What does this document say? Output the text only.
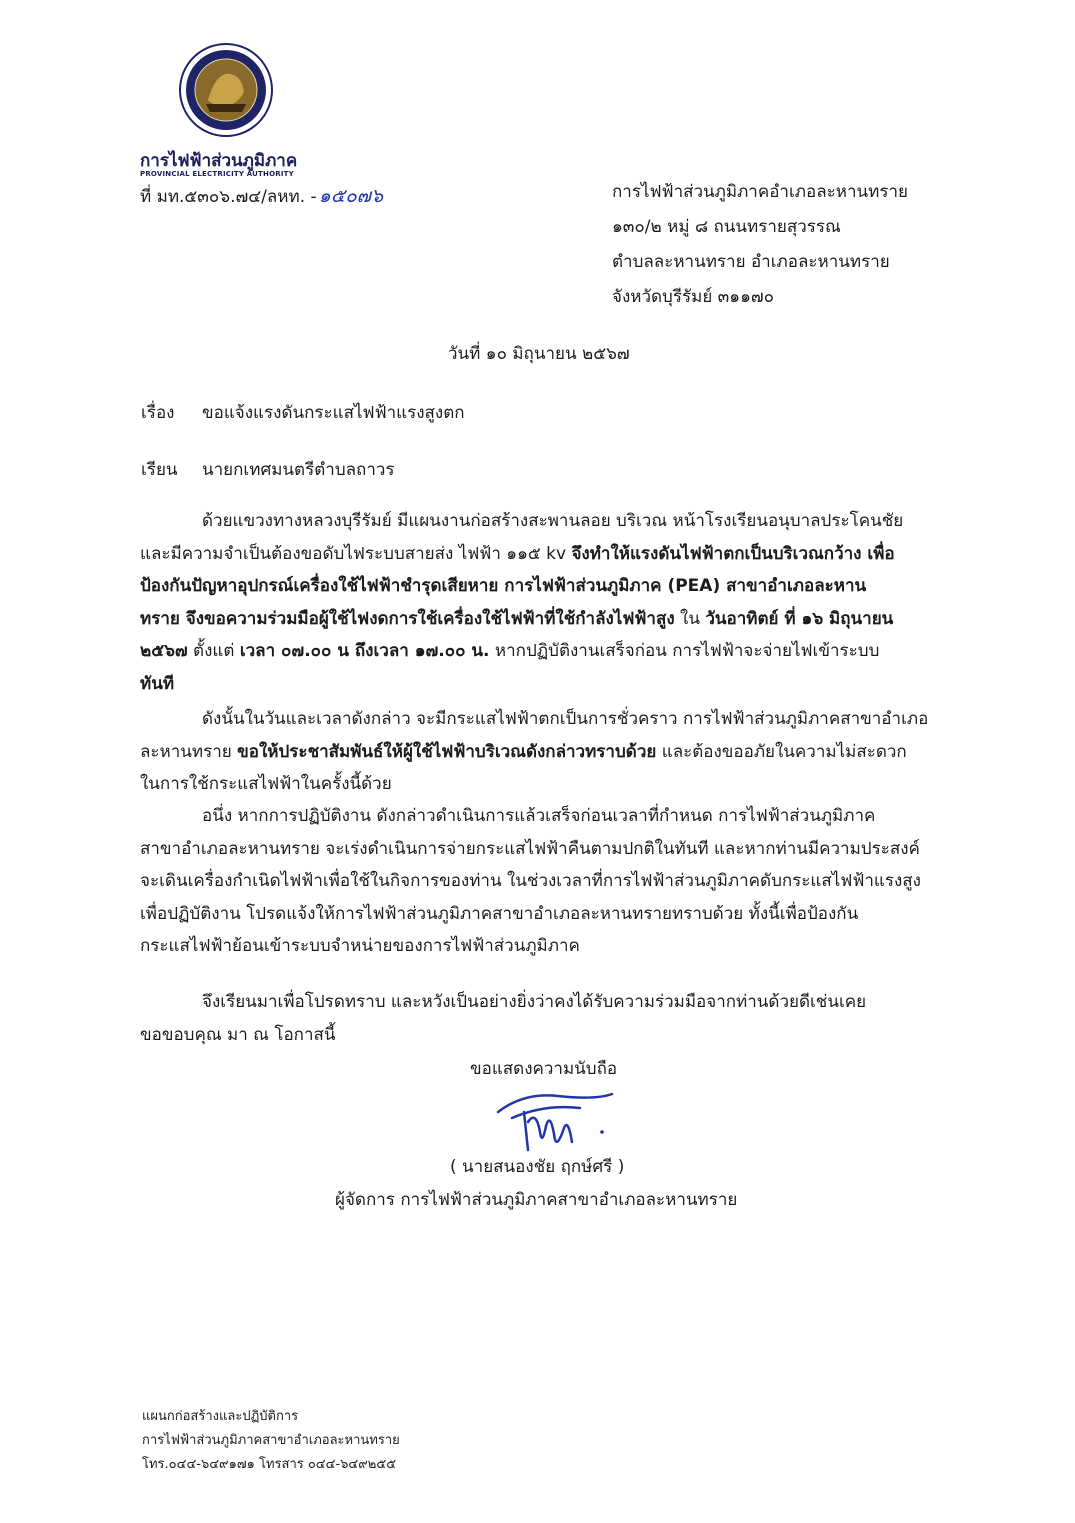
การไฟฟ้าส่วนภูมิภาค
PROVINCIAL ELECTRICITY AUTHORITY
ที่ มท.๕๓๐๖.๗๔/ลหท. - ๑๕๐๗๖	การไฟฟ้าส่วนภูมิภาคอำเภอละหานทราย
๑๓๐/๒ หมู่ ๘ ถนนทรายสุวรรณ
ตำบลละหานทราย อำเภอละหานทราย
จังหวัดบุรีรัมย์ ๓๑๑๗๐
วันที่ ๑๐ มิถุนายน ๒๕๖๗
เรื่อง ขอแจ้งแรงดันกระแสไฟฟ้าแรงสูงตก
เรียน นายกเทศมนตรีตำบลถาวร
ด้วยแขวงทางหลวงบุรีรัมย์ มีแผนงานก่อสร้างสะพานลอย บริเวณ หน้าโรงเรียนอนุบาลประโคนชัย
และมีความจำเป็นต้องขอดับไฟระบบสายส่ง ไฟฟ้า ๑๑๕ kv จึงทำให้แรงดันไฟฟ้าตกเป็นบริเวณกว้าง เพื่อ
ป้องกันปัญหาอุปกรณ์เครื่องใช้ไฟฟ้าชำรุดเสียหาย การไฟฟ้าส่วนภูมิภาค (PEA) สาขาอำเภอละหาน
ทราย จึงขอความร่วมมือผู้ใช้ไฟงดการใช้เครื่องใช้ไฟฟ้าที่ใช้กำลังไฟฟ้าสูง ใน วันอาทิตย์ ที่ ๑๖ มิถุนายน
๒๕๖๗ ตั้งแต่ เวลา ๐๗.๐๐ น ถึงเวลา ๑๗.๐๐ น. หากปฏิบัติงานเสร็จก่อน การไฟฟ้าจะจ่ายไฟเข้าระบบ
ทันที
ดังนั้นในวันและเวลาดังกล่าว จะมีกระแสไฟฟ้าตกเป็นการชั่วคราว การไฟฟ้าส่วนภูมิภาคสาขาอำเภอ
ละหานทราย ขอให้ประชาสัมพันธ์ให้ผู้ใช้ไฟฟ้าบริเวณดังกล่าวทราบด้วย และต้องขออภัยในความไม่สะดวก
ในการใช้กระแสไฟฟ้าในครั้งนี้ด้วย
อนึ่ง หากการปฏิบัติงาน ดังกล่าวดำเนินการแล้วเสร็จก่อนเวลาที่กำหนด การไฟฟ้าส่วนภูมิภาค
สาขาอำเภอละหานทราย จะเร่งดำเนินการจ่ายกระแสไฟฟ้าคืนตามปกติในทันที และหากท่านมีความประสงค์
จะเดินเครื่องกำเนิดไฟฟ้าเพื่อใช้ในกิจการของท่าน ในช่วงเวลาที่การไฟฟ้าส่วนภูมิภาคดับกระแสไฟฟ้าแรงสูง
เพื่อปฏิบัติงาน โปรดแจ้งให้การไฟฟ้าส่วนภูมิภาคสาขาอำเภอละหานทรายทราบด้วย ทั้งนี้เพื่อป้องกัน
กระแสไฟฟ้าย้อนเข้าระบบจำหน่ายของการไฟฟ้าส่วนภูมิภาค
จึงเรียนมาเพื่อโปรดทราบ และหวังเป็นอย่างยิ่งว่าคงได้รับความร่วมมือจากท่านด้วยดีเช่นเคย
ขอขอบคุณ มา ณ โอกาสนี้
ขอแสดงความนับถือ
( นายสนองชัย ฤกษ์ศรี )
ผู้จัดการ การไฟฟ้าส่วนภูมิภาคสาขาอำเภอละหานทราย
แผนกก่อสร้างและปฏิบัติการ
การไฟฟ้าส่วนภูมิภาคสาขาอำเภอละหานทราย
โทร.๐๔๔-๖๔๙๑๗๑ โทรสาร ๐๔๔-๖๔๙๒๕๕
